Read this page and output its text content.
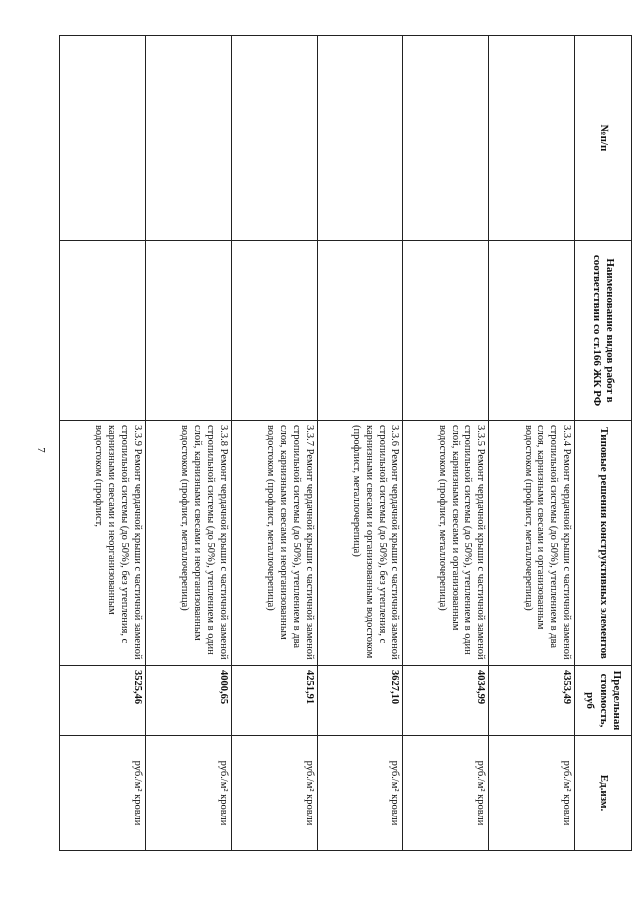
7
№п/п	Наименование видов работ в соответствии со ст.166 ЖК РФ	Типовые решения конструктивных элементов	Предельная стоимость, руб	Ед.изм.
		3.3.4 Ремонт чердачной крыши с частичной заменой стропильной системы (до 50%), утеплением в два слоя, карнизными свесами и организованным водостоком (профлист, металлочерепица)	4353,49	руб./м² кровли
		3.3.5 Ремонт чердачной крыши с частичной заменой стропильной системы (до 50%), утеплением в один слой, карнизными свесами и организованным водостоком (профлист, металлочерепица)	4034,99	руб./м² кровли
		3.3.6 Ремонт чердачной крыши с частичной заменой стропильной системы (до 50%), без утепления, с карнизными свесами и организованным водостоком (профлист, металлочерепица)	3627,10	руб./м² кровли
		3.3.7 Ремонт чердачной крыши с частичной заменой стропильной системы (до 50%), утеплением в два слоя, карнизными свесами и неорганизованным водостоком (профлист, металлочерепица)	4251,91	руб./м² кровли
		3.3.8 Ремонт чердачной крыши с частичной заменой стропильной системы (до 50%), утеплением в один слой, карнизными свесами и неорганизованным водостоком (профлист, металлочерепица)	4000,65	руб./м² кровли
		3.3.9 Ремонт чердачной крыши с частичной заменой стропильной системы (до 50%), без утепления, с карнизными свесами и неорганизованным водостоком (профлист,	3525,46	руб./м² кровли
